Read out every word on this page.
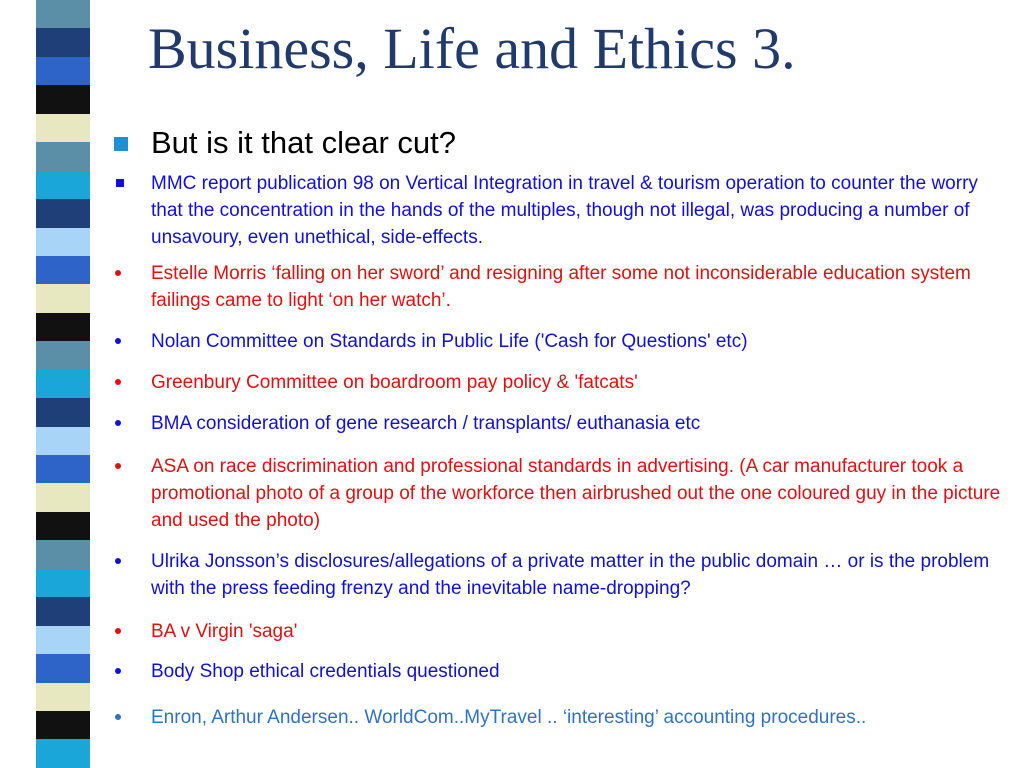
Business, Life and Ethics 3.
But is it that clear cut?
MMC report publication 98 on Vertical Integration in travel & tourism operation to counter the worry that the concentration in the hands of the multiples, though not illegal, was producing a number of unsavoury, even unethical, side-effects.
Estelle Morris ‘falling on her sword’ and resigning after some not inconsiderable education system failings came to light ‘on her watch’.
Nolan Committee on Standards in Public Life ('Cash for Questions' etc)
Greenbury Committee on boardroom pay policy & 'fatcats'
BMA consideration of gene research / transplants/ euthanasia etc
ASA on race discrimination and professional standards in advertising. (A car manufacturer took a promotional photo of a group of the workforce then airbrushed out the one coloured guy in the picture and used the photo)
Ulrika Jonsson’s disclosures/allegations of a private matter in the public domain … or is the problem with the press feeding frenzy and the inevitable name-dropping?
BA v Virgin 'saga'
Body Shop ethical credentials questioned
Enron, Arthur Andersen.. WorldCom..MyTravel .. ‘interesting’ accounting procedures..
